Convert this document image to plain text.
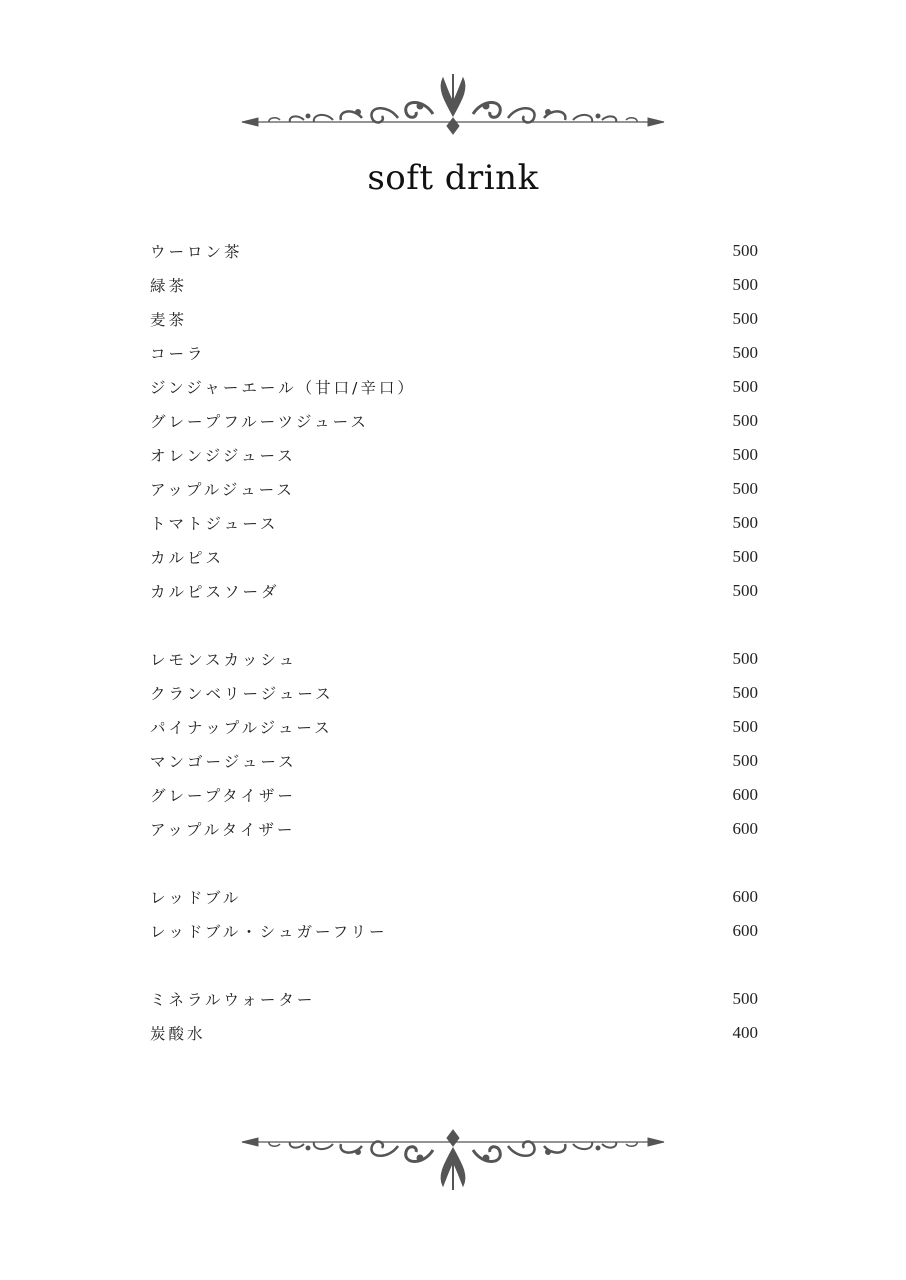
soft drink
ウーロン茶	500
緑茶	500
麦茶	500
コーラ	500
ジンジャーエール（甘口/辛口）	500
グレープフルーツジュース	500
オレンジジュース	500
アップルジュース	500
トマトジュース	500
カルピス	500
カルピスソーダ	500
レモンスカッシュ	500
クランベリージュース	500
パイナップルジュース	500
マンゴージュース	500
グレープタイザー	600
アップルタイザー	600
レッドブル	600
レッドブル・シュガーフリー	600
ミネラルウォーター	500
炭酸水	400
